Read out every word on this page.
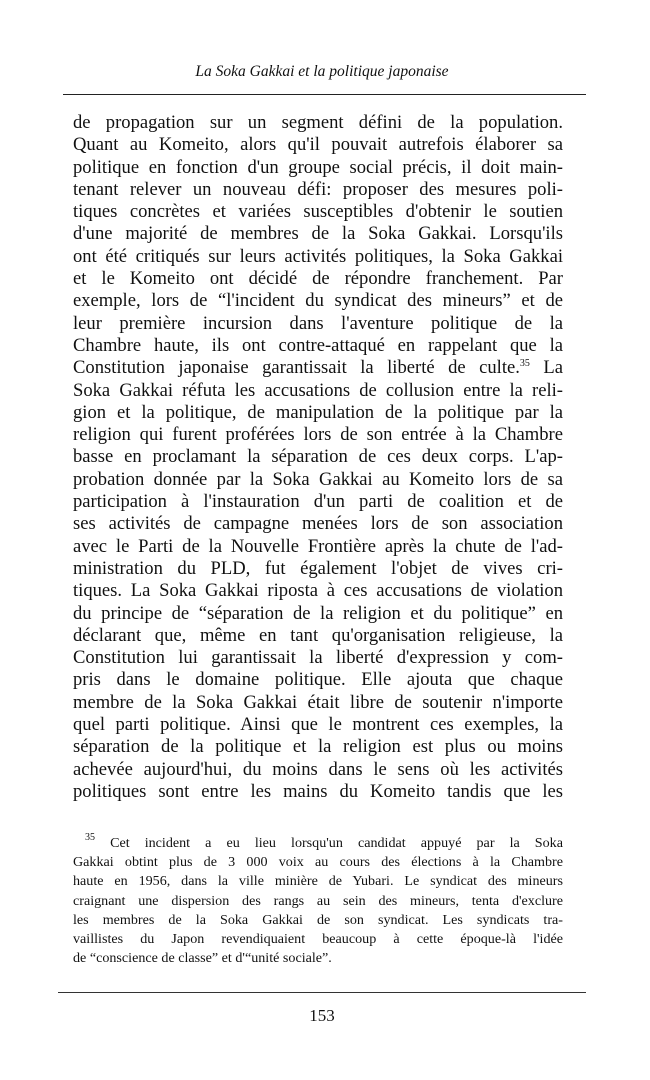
La Soka Gakkai et la politique japonaise
de propagation sur un segment défini de la population.
Quant au Komeito, alors qu'il pouvait autrefois élaborer sa
politique en fonction d'un groupe social précis, il doit main-
tenant relever un nouveau défi: proposer des mesures poli-
tiques concrètes et variées susceptibles d'obtenir le soutien
d'une majorité de membres de la Soka Gakkai. Lorsqu'ils
ont été critiqués sur leurs activités politiques, la Soka Gakkai
et le Komeito ont décidé de répondre franchement. Par
exemple, lors de “l'incident du syndicat des mineurs” et de
leur première incursion dans l'aventure politique de la
Chambre haute, ils ont contre-attaqué en rappelant que la
Constitution japonaise garantissait la liberté de culte.$^{35}$ La
Soka Gakkai réfuta les accusations de collusion entre la reli-
gion et la politique, de manipulation de la politique par la
religion qui furent proférées lors de son entrée à la Chambre
basse en proclamant la séparation de ces deux corps. L'ap-
probation donnée par la Soka Gakkai au Komeito lors de sa
participation à l'instauration d'un parti de coalition et de
ses activités de campagne menées lors de son association
avec le Parti de la Nouvelle Frontière après la chute de l'ad-
ministration du PLD, fut également l'objet de vives cri-
tiques. La Soka Gakkai riposta à ces accusations de violation
du principe de “séparation de la religion et du politique” en
déclarant que, même en tant qu'organisation religieuse, la
Constitution lui garantissait la liberté d'expression y com-
pris dans le domaine politique. Elle ajouta que chaque
membre de la Soka Gakkai était libre de soutenir n'importe
quel parti politique. Ainsi que le montrent ces exemples, la
séparation de la politique et la religion est plus ou moins
achevée aujourd'hui, du moins dans le sens où les activités
politiques sont entre les mains du Komeito tandis que les
$^{35}$ Cet incident a eu lieu lorsqu'un candidat appuyé par la Soka
Gakkai obtint plus de 3 000 voix au cours des élections à la Chambre
haute en 1956, dans la ville minière de Yubari. Le syndicat des mineurs
craignant une dispersion des rangs au sein des mineurs, tenta d'exclure
les membres de la Soka Gakkai de son syndicat. Les syndicats tra-
vaillistes du Japon revendiquaient beaucoup à cette époque-là l'idée
de “conscience de classe” et d'“unité sociale”.
153
